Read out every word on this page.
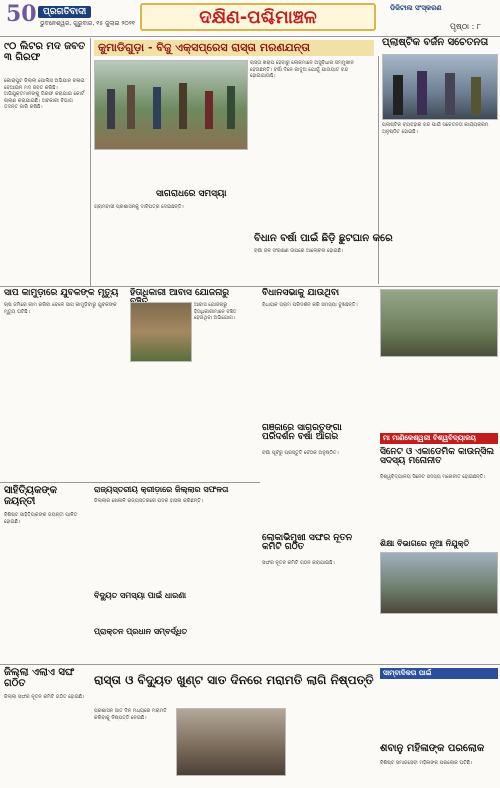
50 ପ୍ରଗତିବାଦୀ
ଭୁବନେଶ୍ୱର, ଗୁରୁବାର, ୧୫ ଜୁଲାଇ ୨୦୨୧	ଦକ୍ଷିଣ-ପଶ୍ଚିମାଞ୍ଚଳ	ଡିଜିଟାଲ ସଂସ୍କରଣ
ପୃଷ୍ଠା : ୮
୯୦ ଲିଟର ମଦ ଜବତ ୩ ଗିରଫ

କୋରାପୁଟ ଜିଲ୍ଲା ପୋଲିସ ଅଭିଯାନ ଚଳାଇ ବେଆଇନ ମଦ ଜବତ କରିଛି। ଅଭିଯୁକ୍ତମାନଙ୍କୁ ଗିରଫ କରାଯାଇ କୋର୍ଟ ଚାଲାଣ କରାଯାଇଛି। ଅବକାରୀ ବିଭାଗ ତଦନ୍ତ ଜାରି ରଖିଛି।

କୁମାଡିଗୁଡ଼ା - ବିଜୁ ଏକ୍ସପ୍ରେସ ରାସ୍ତା ମରଣଯନ୍ତା

ରାସ୍ତା ଖରାପ ହେବାରୁ ଲୋକମାନେ ଅସୁବିଧାର ସମ୍ମୁଖୀନ ହେଉଛନ୍ତି। ବର୍ଷା ଦିନେ କାଦୁଅ ଯୋଗୁଁ ଯାତାୟାତ ବନ୍ଦ ହୋଇଯାଉଛି।

ସାଗରାଧରେ ସମସ୍ୟା

ଗ୍ରାମବାସୀ ପ୍ରଶାସନକୁ ଦାବିପତ୍ର ଦେଇଛନ୍ତି।

ପ୍ଲାଷ୍ଟିକ ବର୍ଜନ ସଚେତନତା

ପ୍ଲାଷ୍ଟିକ ବ୍ୟବହାର ବନ୍ଦ ପାଇଁ ସଚେତନତା କାର୍ଯ୍ୟକ୍ରମ ଅନୁଷ୍ଠିତ ହୋଇଛି।

ବିଧାନ ବର୍ଷା ପାଇଁ ଛିଡ଼ି ଛୁଟଘାନ କରେ

ବର୍ଷା ଜଳ ସଂରକ୍ଷଣ ଉପରେ ଆଲୋଚନା ହୋଇଛି।

ସାପ କାମୁଡ଼ାରେ ଯୁବକଙ୍କ ମୃତ୍ୟୁ

ଚାଷ ଜମିରେ କାମ କରିବା ବେଳେ ସାପ କାମୁଡ଼ିବାରୁ ଯୁବକଙ୍କ ମୃତ୍ୟୁ ଘଟିଛି।

ହିତାଧିକାରୀ ଆବାସ ଯୋଜନାରୁ

ଆବାସ ଯୋଜନାରୁ ହିତାଧିକାରୀମାନେ ବଞ୍ଚିତ ହେଉଥିବା ଅଭିଯୋଗ।

ବିଧାନସଭାକୁ ଯାଉଥିବା

ବିଧାୟକ ଗ୍ରାମ ପରିଦର୍ଶନ କରି ସମସ୍ୟା ବୁଝିଛନ୍ତି।

ମା ମାଣିକେଶ୍ୱରୀ ବିଶ୍ୱବିଦ୍ୟାଳୟ
ସିନେଟ ଓ ଏକାଡେମିକ କାଉନ୍ସିଲ ସଦସ୍ୟ ମନୋନୀତ

ବିଶ୍ୱବିଦ୍ୟାଳୟ ସିନେଟ ସଦସ୍ୟ ମନୋନୀତ ହୋଇଛନ୍ତି।

ସାହିତ୍ୟିକଙ୍କ ଜୟନ୍ତୀ

ବିଶିଷ୍ଟ ସାହିତ୍ୟିକଙ୍କ ଜୟନ୍ତୀ ପାଳିତ ହୋଇଛି।

ରାଜ୍ୟସ୍ତରୀୟ କ୍ରୀଡ଼ାରେ ଜିଲ୍ଲାର ସଫଳତା

ଜିଲ୍ଲାର ଖେଳାଳି ରାଜ୍ୟସ୍ତରରେ ପଦକ ହାସଲ କରିଛନ୍ତି।

ଗଞ୍ଜାରେ ସାଗରତୁଙ୍ଗା ପରିଦର୍ଶନ ବର୍ଷା ଆଗର

ବର୍ଷା ପୂର୍ବରୁ ପ୍ରସ୍ତୁତି ବୈଠକ ଅନୁଷ୍ଠିତ।

ଲୋକାଭିମୁଖୀ ସଙ୍ଘର ନୂତନ କମିଟି ଗଠିତ

ସଙ୍ଘର ନୂତନ କମିଟି ଗଠନ କରାଯାଇଛି।

ବିଦ୍ୟୁତ ସମସ୍ୟା ପାଇଁ ଧାରଣା
ଶିକ୍ଷା ବିଭାଗରେ ନୂଆ ନିଯୁକ୍ତି
ପ୍ରାକ୍ତନ ପ୍ରଧାନ ସମ୍ବର୍ଦ୍ଧିତ
ଜିଲ୍ଲା ଏଲାଏ ସଙ୍ଘ ଗଠିତ

ଜିଲ୍ଲା ସଙ୍ଘର ନୂତନ କମିଟି ଗଠିତ ହୋଇଛି।

ରାସ୍ତା ଓ ବିଦ୍ୟୁତ ଖୁଣ୍ଟ ସାତ ଦିନରେ ମରାମତି ଲାଗି ନିଷ୍ପତ୍ତି

ପ୍ରଶାସନ ସାତ ଦିନ ମଧ୍ୟରେ ମରାମତି କରିବାକୁ ନିଷ୍ପତ୍ତି ନେଇଛି।

ସାମ୍ବାଦିକତା ପାଇଁ
ଶବାନୁ ମହିଳାଙ୍କ ପରଲୋକ

ବିଶିଷ୍ଟ ସମାଜସେବୀ ମହିଳାଙ୍କ ପରଲୋକ ଘଟିଛି।
